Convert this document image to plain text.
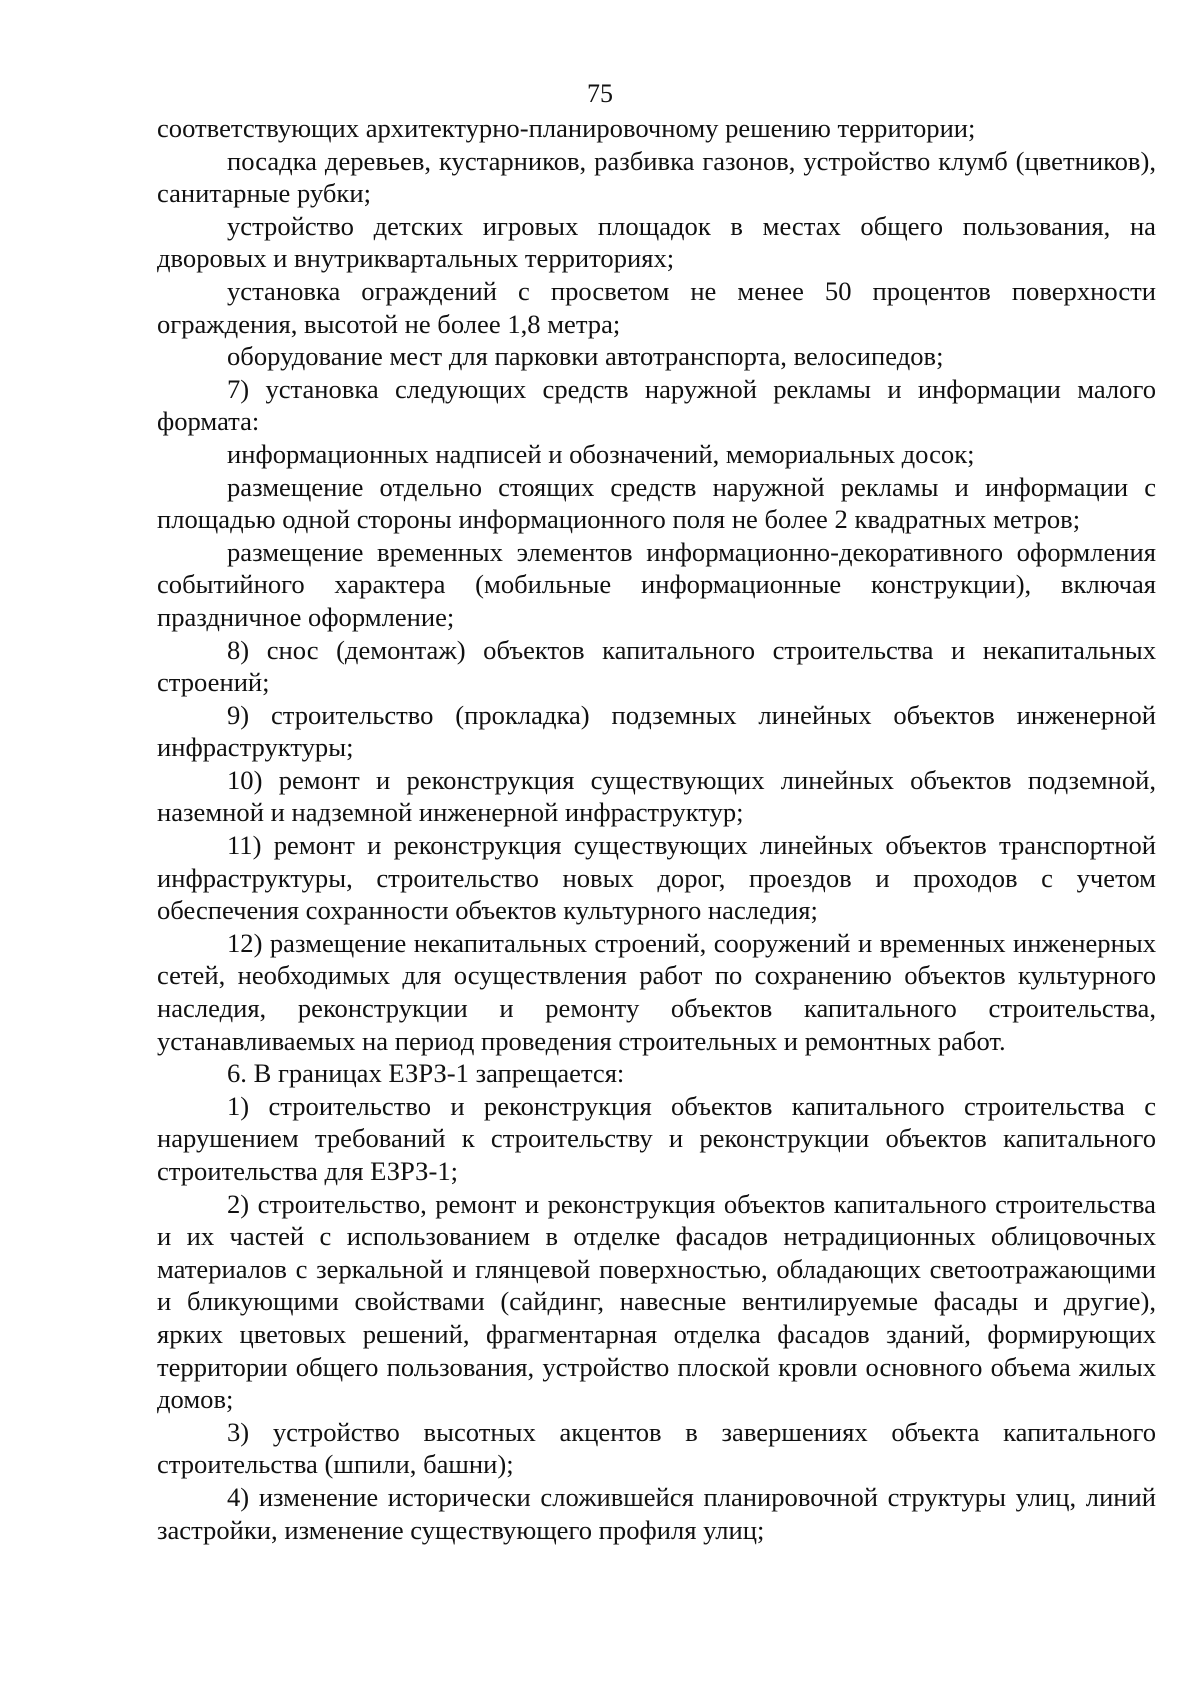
75

соответствующих архитектурно-планировочному решению территории;

посадка деревьев, кустарников, разбивка газонов, устройство клумб (цветников), санитарные рубки;

устройство детских игровых площадок в местах общего пользования, на дворовых и внутриквартальных территориях;

установка ограждений с просветом не менее 50 процентов поверхности ограждения, высотой не более 1,8 метра;

оборудование мест для парковки автотранспорта, велосипедов;

7) установка следующих средств наружной рекламы и информации малого формата:

информационных надписей и обозначений, мемориальных досок;

размещение отдельно стоящих средств наружной рекламы и информации с площадью одной стороны информационного поля не более 2 квадратных метров;

размещение временных элементов информационно-декоративного оформления событийного характера (мобильные информационные конструкции), включая праздничное оформление;

8) снос (демонтаж) объектов капитального строительства и некапитальных строений;

9) строительство (прокладка) подземных линейных объектов инженерной инфраструктуры;

10) ремонт и реконструкция существующих линейных объектов подземной, наземной и надземной инженерной инфраструктур;

11) ремонт и реконструкция существующих линейных объектов транспортной инфраструктуры, строительство новых дорог, проездов и проходов с учетом обеспечения сохранности объектов культурного наследия;

12) размещение некапитальных строений, сооружений и временных инженерных сетей, необходимых для осуществления работ по сохранению объектов культурного наследия, реконструкции и ремонту объектов капитального строительства, устанавливаемых на период проведения строительных и ремонтных работ.

6. В границах ЕЗРЗ-1 запрещается:

1) строительство и реконструкция объектов капитального строительства с нарушением требований к строительству и реконструкции объектов капитального строительства для ЕЗРЗ-1;

2) строительство, ремонт и реконструкция объектов капитального строительства и их частей с использованием в отделке фасадов нетрадиционных облицовочных материалов с зеркальной и глянцевой поверхностью, обладающих светоотражающими и бликующими свойствами (сайдинг, навесные вентилируемые фасады и другие), ярких цветовых решений, фрагментарная отделка фасадов зданий, формирующих территории общего пользования, устройство плоской кровли основного объема жилых домов;

3) устройство высотных акцентов в завершениях объекта капитального строительства (шпили, башни);

4) изменение исторически сложившейся планировочной структуры улиц, линий застройки, изменение существующего профиля улиц;
